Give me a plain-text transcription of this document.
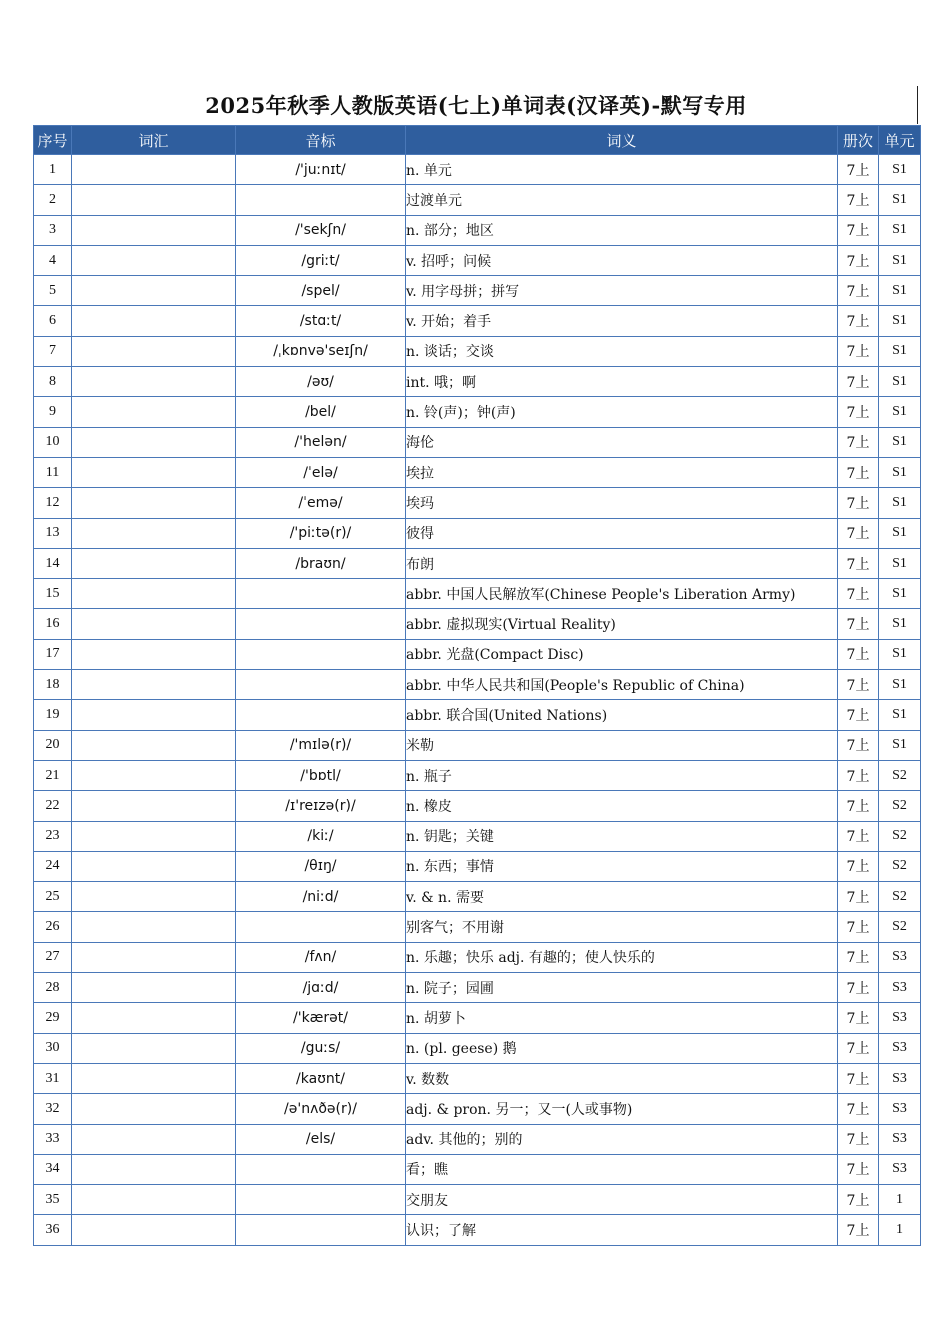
2025年秋季人教版英语(七上)单词表(汉译英)-默写专用
序号	词汇	音标	词义	册次	单元
1		/'juːnɪt/	n. 单元	7上	S1
2			过渡单元	7上	S1
3		/'sekʃn/	n. 部分；地区	7上	S1
4		/griːt/	v. 招呼；问候	7上	S1
5		/spel/	v. 用字母拼；拼写	7上	S1
6		/stɑːt/	v. 开始；着手	7上	S1
7		/ˌkɒnvə'seɪʃn/	n. 谈话；交谈	7上	S1
8		/əʊ/	int. 哦；啊	7上	S1
9		/bel/	n. 铃(声)；钟(声)	7上	S1
10		/'helən/	海伦	7上	S1
11		/ˈelə/	埃拉	7上	S1
12		/ˈemə/	埃玛	7上	S1
13		/'piːtə(r)/	彼得	7上	S1
14		/braʊn/	布朗	7上	S1
15			abbr. 中国人民解放军(Chinese People's Liberation Army)	7上	S1
16			abbr. 虚拟现实(Virtual Reality)	7上	S1
17			abbr. 光盘(Compact Disc)	7上	S1
18			abbr. 中华人民共和国(People's Republic of China)	7上	S1
19			abbr. 联合国(United Nations)	7上	S1
20		/'mɪlə(r)/	米勒	7上	S1
21		/'bɒtl/	n. 瓶子	7上	S2
22		/ɪ'reɪzə(r)/	n. 橡皮	7上	S2
23		/kiː/	n. 钥匙；关键	7上	S2
24		/θɪŋ/	n. 东西；事情	7上	S2
25		/niːd/	v. & n. 需要	7上	S2
26			别客气；不用谢	7上	S2
27		/fʌn/	n. 乐趣；快乐 adj. 有趣的；使人快乐的	7上	S3
28		/jɑːd/	n. 院子；园圃	7上	S3
29		/'kærət/	n. 胡萝卜	7上	S3
30		/guːs/	n. (pl. geese) 鹅	7上	S3
31		/kaʊnt/	v. 数数	7上	S3
32		/ə'nʌðə(r)/	adj. & pron. 另一；又一(人或事物)	7上	S3
33		/els/	adv. 其他的；别的	7上	S3
34			看；瞧	7上	S3
35			交朋友	7上	1
36			认识；了解	7上	1
